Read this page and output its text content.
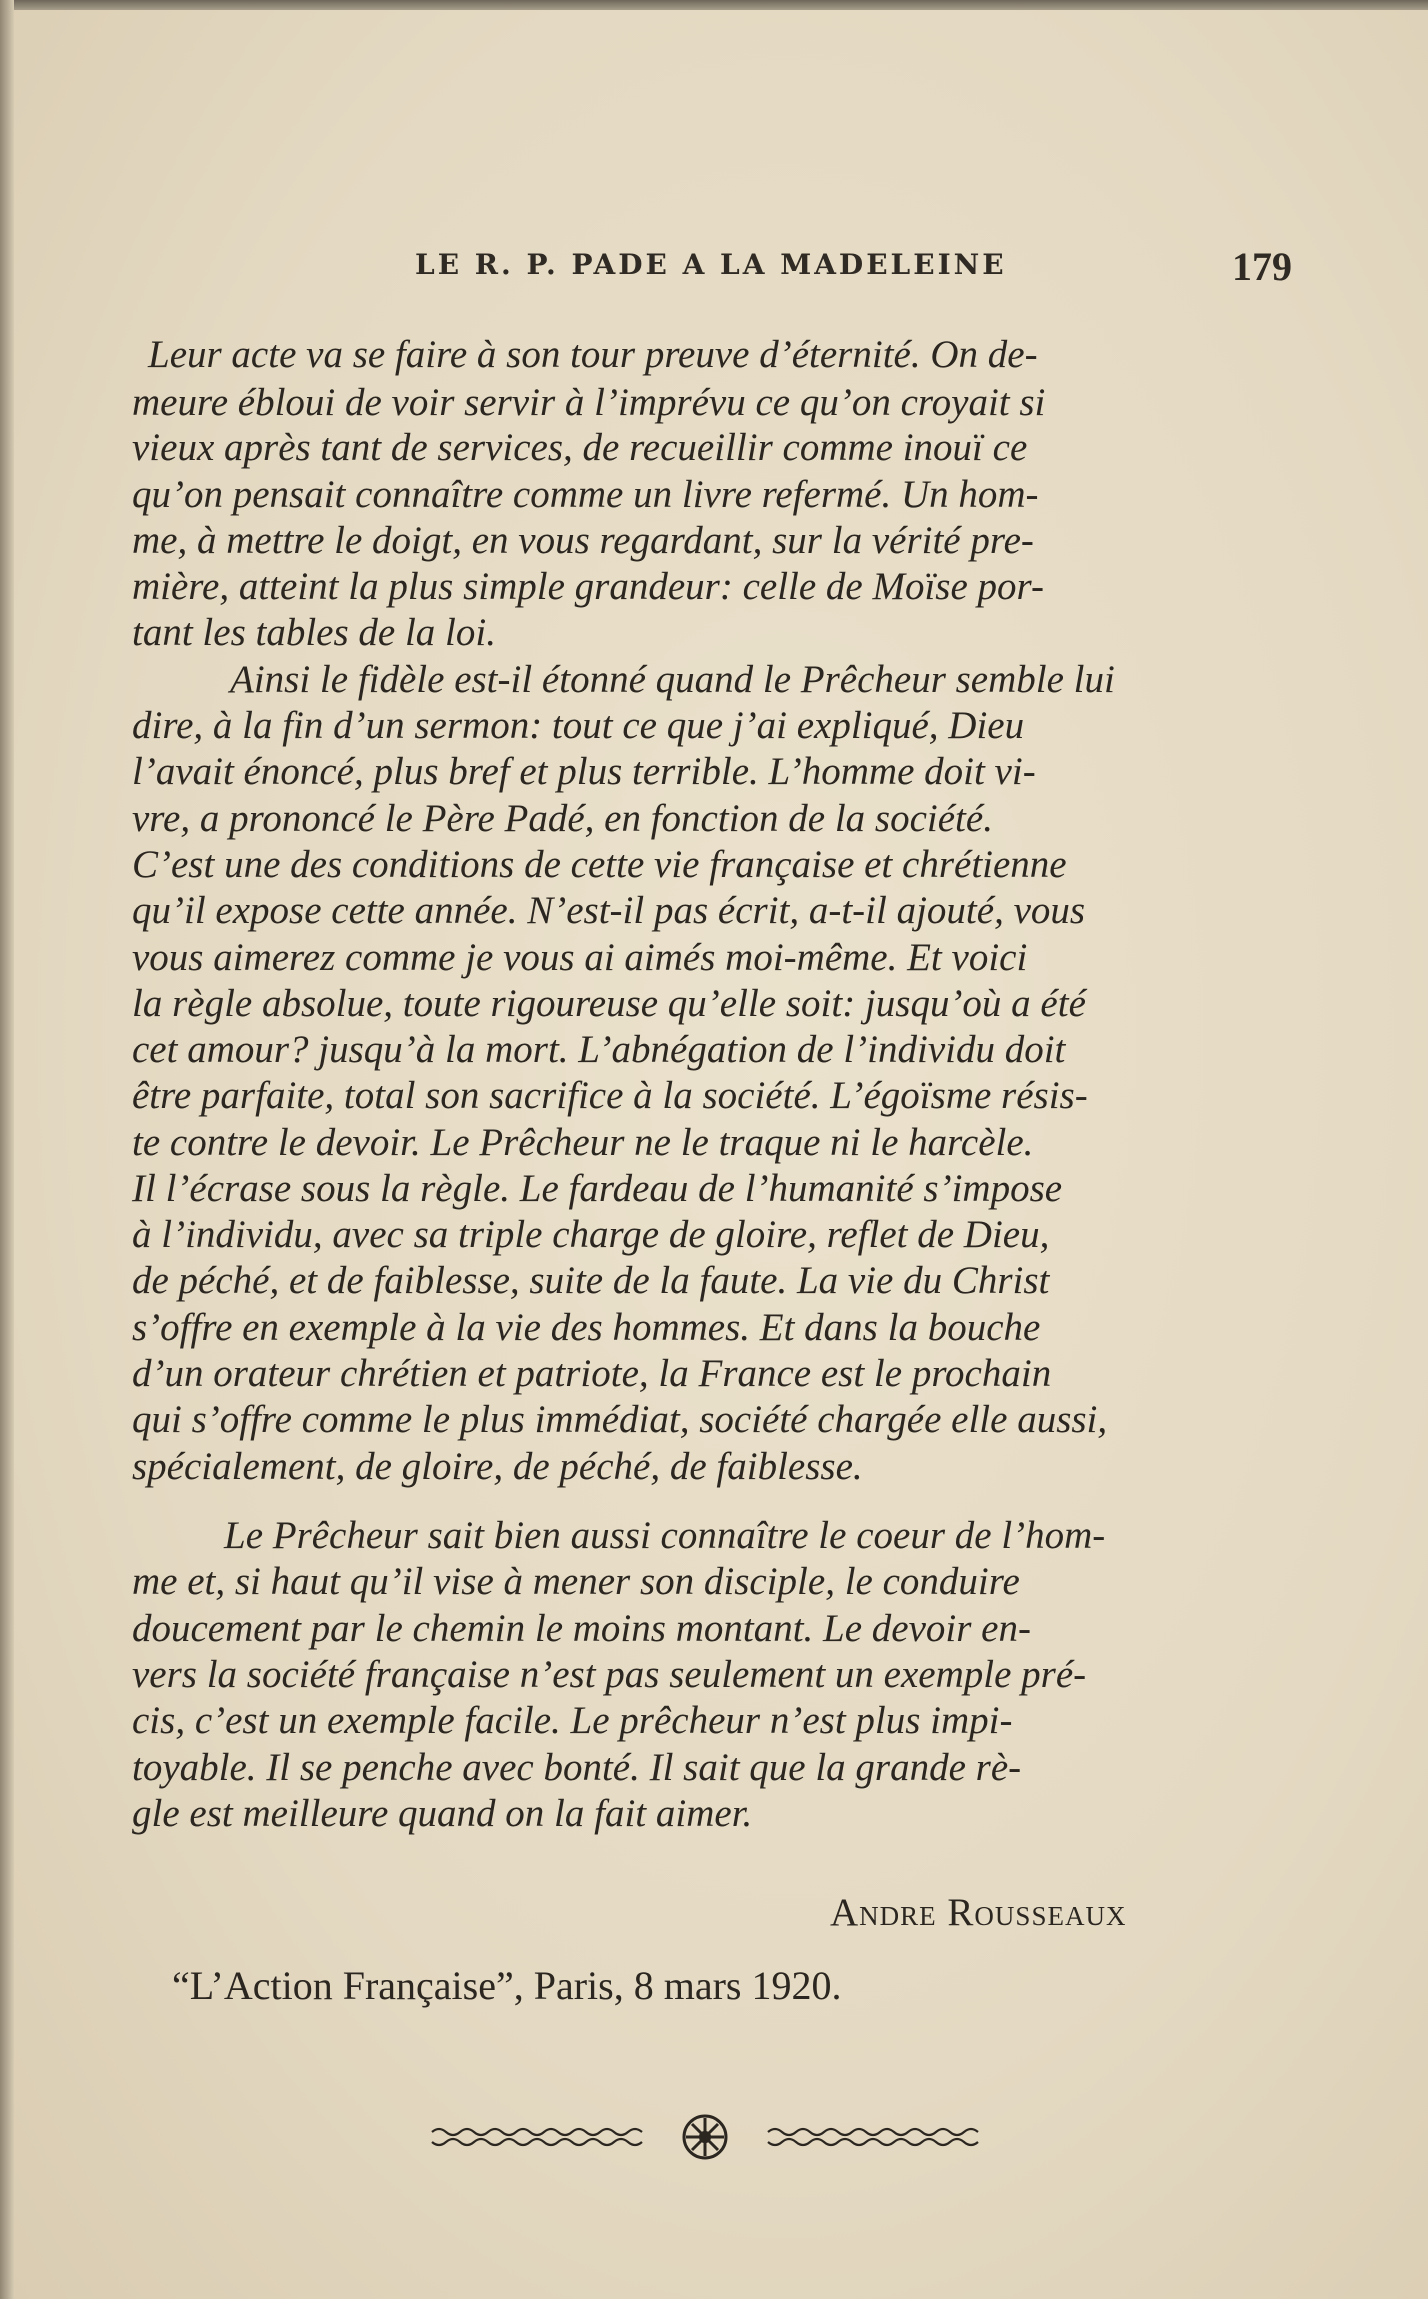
LE R. P. PADE A LA MADELEINE	179
Leur acte va se faire à son tour preuve d’éternité. On de-
meure ébloui de voir servir à l’imprévu ce qu’on croyait si
vieux après tant de services, de recueillir comme inouï ce
qu’on pensait connaître comme un livre refermé. Un hom-
me, à mettre le doigt, en vous regardant, sur la vérité pre-
mière, atteint la plus simple grandeur: celle de Moïse por-
tant les tables de la loi.
Ainsi le fidèle est-il étonné quand le Prêcheur semble lui
dire, à la fin d’un sermon: tout ce que j’ai expliqué, Dieu
l’avait énoncé, plus bref et plus terrible. L’homme doit vi-
vre, a prononcé le Père Padé, en fonction de la société.
C’est une des conditions de cette vie française et chrétienne
qu’il expose cette année. N’est-il pas écrit, a-t-il ajouté, vous
vous aimerez comme je vous ai aimés moi-même. Et voici
la règle absolue, toute rigoureuse qu’elle soit: jusqu’où a été
cet amour? jusqu’à la mort. L’abnégation de l’individu doit
être parfaite, total son sacrifice à la société. L’égoïsme résis-
te contre le devoir. Le Prêcheur ne le traque ni le harcèle.
Il l’écrase sous la règle. Le fardeau de l’humanité s’impose
à l’individu, avec sa triple charge de gloire, reflet de Dieu,
de péché, et de faiblesse, suite de la faute. La vie du Christ
s’offre en exemple à la vie des hommes. Et dans la bouche
d’un orateur chrétien et patriote, la France est le prochain
qui s’offre comme le plus immédiat, société chargée elle aussi,
spécialement, de gloire, de péché, de faiblesse.
Le Prêcheur sait bien aussi connaître le coeur de l’hom-
me et, si haut qu’il vise à mener son disciple, le conduire
doucement par le chemin le moins montant. Le devoir en-
vers la société française n’est pas seulement un exemple pré-
cis, c’est un exemple facile. Le prêcheur n’est plus impi-
toyable. Il se penche avec bonté. Il sait que la grande rè-
gle est meilleure quand on la fait aimer.
Andre Rousseaux
“L’Action Française”, Paris, 8 mars 1920.
